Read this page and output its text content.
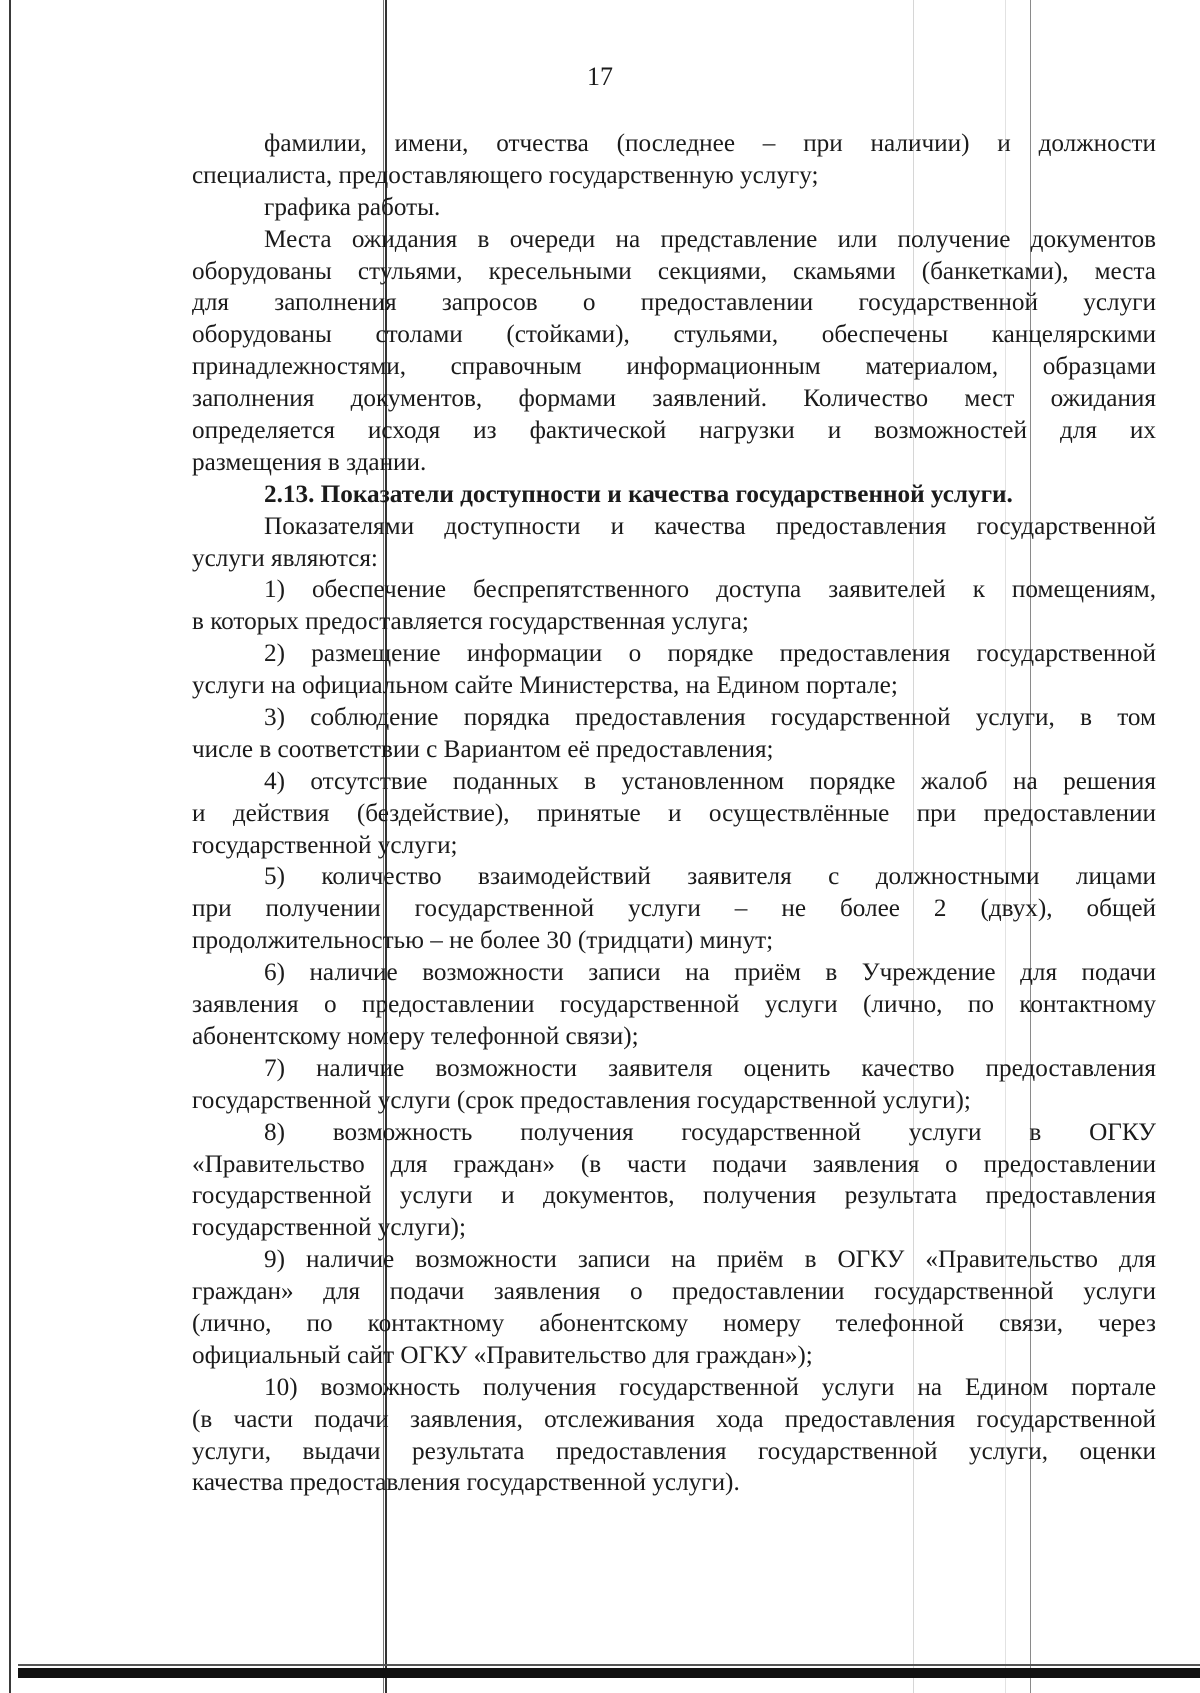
17
фамилии, имени, отчества (последнее – при наличии) и должности
специалиста, предоставляющего государственную услугу;
графика работы.
Места ожидания в очереди на представление или получение документов
оборудованы стульями, кресельными секциями, скамьями (банкетками), места
для заполнения запросов о предоставлении государственной услуги
оборудованы столами (стойками), стульями, обеспечены канцелярскими
принадлежностями, справочным информационным материалом, образцами
заполнения документов, формами заявлений. Количество мест ожидания
определяется исходя из фактической нагрузки и возможностей для их
размещения в здании.
2.13. Показатели доступности и качества государственной услуги.
Показателями доступности и качества предоставления государственной
услуги являются:
1) обеспечение беспрепятственного доступа заявителей к помещениям,
в которых предоставляется государственная услуга;
2) размещение информации о порядке предоставления государственной
услуги на официальном сайте Министерства, на Едином портале;
3) соблюдение порядка предоставления государственной услуги, в том
числе в соответствии с Вариантом её предоставления;
4) отсутствие поданных в установленном порядке жалоб на решения
и действия (бездействие), принятые и осуществлённые при предоставлении
государственной услуги;
5) количество взаимодействий заявителя с должностными лицами
при получении государственной услуги – не более 2 (двух), общей
продолжительностью – не более 30 (тридцати) минут;
6) наличие возможности записи на приём в Учреждение для подачи
заявления о предоставлении государственной услуги (лично, по контактному
абонентскому номеру телефонной связи);
7) наличие возможности заявителя оценить качество предоставления
государственной услуги (срок предоставления государственной услуги);
8) возможность получения государственной услуги в ОГКУ
«Правительство для граждан» (в части подачи заявления о предоставлении
государственной услуги и документов, получения результата предоставления
государственной услуги);
9) наличие возможности записи на приём в ОГКУ «Правительство для
граждан» для подачи заявления о предоставлении государственной услуги
(лично, по контактному абонентскому номеру телефонной связи, через
официальный сайт ОГКУ «Правительство для граждан»);
10) возможность получения государственной услуги на Едином портале
(в части подачи заявления, отслеживания хода предоставления государственной
услуги, выдачи результата предоставления государственной услуги, оценки
качества предоставления государственной услуги).
